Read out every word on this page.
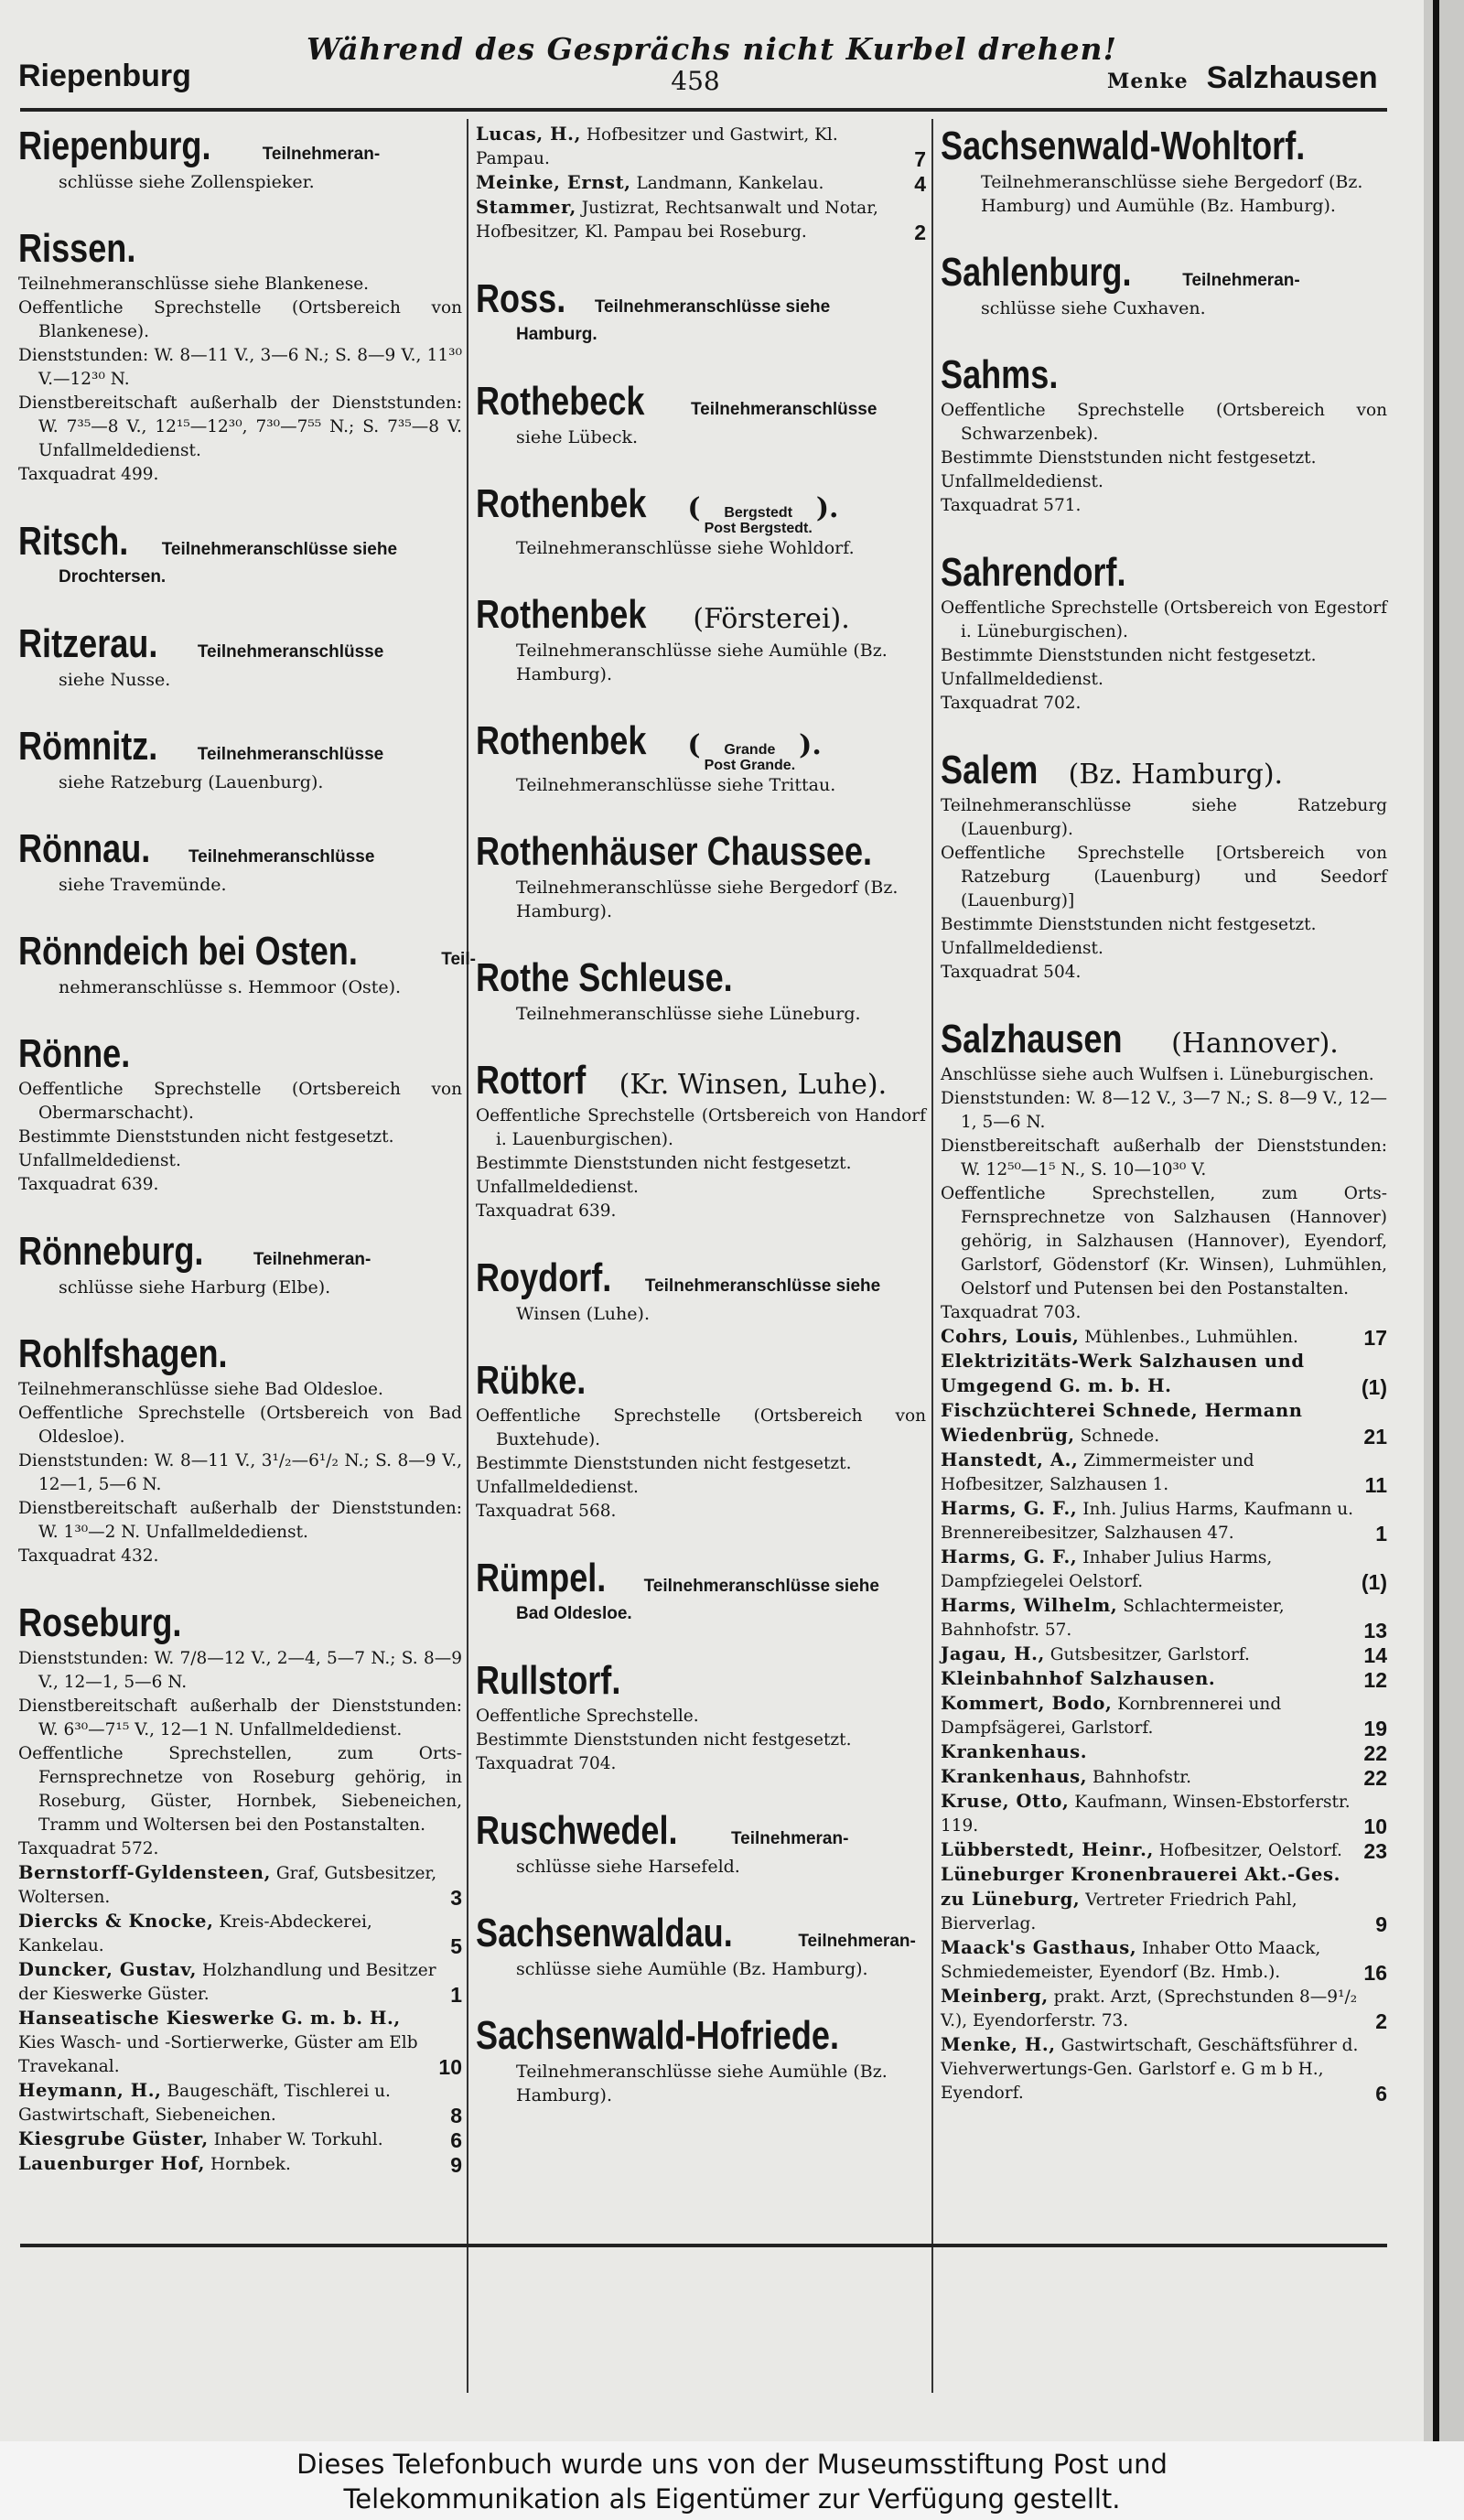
Während des Gesprächs nicht Kurbel drehen!
Riepenburg	458	Menke Salzhausen
Riepenburg.	Teilnehmeran-

schlüsse siehe Zollenspieker.

Rissen.

Teilnehmeranschlüsse siehe Blankenese.

Oeffentliche Sprechstelle (Ortsbereich von Blankenese).

Dienststunden: W. 8—11 V., 3—6 N.; S. 8—9 V., 11³⁰ V.—12³⁰ N.

Dienstbereitschaft außerhalb der Dienststunden: W. 7³⁵—8 V., 12¹⁵—12³⁰, 7³⁰—7⁵⁵ N.; S. 7³⁵—8 V. Unfallmeldedienst.

Taxquadrat 499.

Ritsch. Teilnehmeranschlüsse siehe

Drochtersen.

Ritzerau. Teilnehmeranschlüsse

siehe Nusse.

Römnitz. Teilnehmeranschlüsse

siehe Ratzeburg (Lauenburg).

Rönnau. Teilnehmeranschlüsse

siehe Travemünde.

Rönndeich bei Osten.	Teil-

nehmeranschlüsse s. Hemmoor (Oste).

Rönne.

Oeffentliche Sprechstelle (Ortsbereich von Obermarschacht).

Bestimmte Dienststunden nicht festgesetzt.

Unfallmeldedienst.

Taxquadrat 639.

Rönneburg.	Teilnehmeran-

schlüsse siehe Harburg (Elbe).

Rohlfshagen.

Teilnehmeranschlüsse siehe Bad Oldesloe.

Oeffentliche Sprechstelle (Ortsbereich von Bad Oldesloe).

Dienststunden: W. 8—11 V., 3¹/₂—6¹/₂ N.; S. 8—9 V., 12—1, 5—6 N.

Dienstbereitschaft außerhalb der Dienststunden: W. 1³⁰—2 N. Unfallmeldedienst.

Taxquadrat 432.

Roseburg.

Dienststunden: W. 7/8—12 V., 2—4, 5—7 N.; S. 8—9 V., 12—1, 5—6 N.

Dienstbereitschaft außerhalb der Dienststunden: W. 6³⁰—7¹⁵ V., 12—1 N. Unfallmeldedienst.

Oeffentliche Sprechstellen, zum Orts-Fernsprechnetze von Roseburg gehörig, in Roseburg, Güster, Hornbek, Siebeneichen, Tramm und Woltersen bei den Postanstalten.

Taxquadrat 572.

Bernstorff-Gyldensteen, Graf, Gutsbesitzer, Woltersen.	3
Diercks & Knocke, Kreis-Abdeckerei, Kankelau.	5
Duncker, Gustav, Holzhandlung und Besitzer der Kieswerke Güster.	1
Hanseatische Kieswerke G. m. b. H., Kies Wasch- und -Sortierwerke, Güster am Elb Travekanal.	10
Heymann, H., Baugeschäft, Tischlerei u. Gastwirtschaft, Siebeneichen.	8
Kiesgrube Güster, Inhaber W. Torkuhl.	6
Lauenburger Hof, Hornbek.	9
Lucas, H., Hofbesitzer und Gastwirt, Kl. Pampau.	7
Meinke, Ernst, Landmann, Kankelau.	4
Stammer, Justizrat, Rechtsanwalt und Notar, Hofbesitzer, Kl. Pampau bei Roseburg.	2
Ross. Teilnehmeranschlüsse siehe

Hamburg.

Rothebeck	Teilnehmeranschlüsse

siehe Lübeck.

Rothenbek (	Bergstedt
Post Bergstedt.
).

Teilnehmeranschlüsse siehe Wohldorf.

Rothenbek (Försterei).

Teilnehmeranschlüsse siehe Aumühle (Bz. Hamburg).

Rothenbek (	Grande
Post Grande.
).

Teilnehmeranschlüsse siehe Trittau.

Rothenhäuser Chaussee.

Teilnehmeranschlüsse siehe Bergedorf (Bz. Hamburg).

Rothe Schleuse.

Teilnehmeranschlüsse siehe Lüneburg.

Rottorf (Kr. Winsen, Luhe).

Oeffentliche Sprechstelle (Ortsbereich von Handorf i. Lauenburgischen).

Bestimmte Dienststunden nicht festgesetzt.

Unfallmeldedienst.

Taxquadrat 639.

Roydorf. Teilnehmeranschlüsse siehe

Winsen (Luhe).

Rübke.

Oeffentliche Sprechstelle (Ortsbereich von Buxtehude).

Bestimmte Dienststunden nicht festgesetzt.

Unfallmeldedienst.

Taxquadrat 568.

Rümpel. Teilnehmeranschlüsse siehe

Bad Oldesloe.

Rullstorf.

Oeffentliche Sprechstelle.

Bestimmte Dienststunden nicht festgesetzt.

Taxquadrat 704.

Ruschwedel.	Teilnehmeran-

schlüsse siehe Harsefeld.

Sachsenwaldau.	Teilnehmeran-

schlüsse siehe Aumühle (Bz. Hamburg).

Sachsenwald-Hofriede.

Teilnehmeranschlüsse siehe Aumühle (Bz. Hamburg).

Sachsenwald-Wohltorf.

Teilnehmeranschlüsse siehe Bergedorf (Bz. Hamburg) und Aumühle (Bz. Hamburg).

Sahlenburg.	Teilnehmeran-

schlüsse siehe Cuxhaven.

Sahms.

Oeffentliche Sprechstelle (Ortsbereich von Schwarzenbek).

Bestimmte Dienststunden nicht festgesetzt.

Unfallmeldedienst.

Taxquadrat 571.

Sahrendorf.

Oeffentliche Sprechstelle (Ortsbereich von Egestorf i. Lüneburgischen).

Bestimmte Dienststunden nicht festgesetzt.

Unfallmeldedienst.

Taxquadrat 702.

Salem (Bz. Hamburg).

Teilnehmeranschlüsse siehe Ratzeburg (Lauenburg).

Oeffentliche Sprechstelle [Ortsbereich von Ratzeburg (Lauenburg) und Seedorf (Lauenburg)]

Bestimmte Dienststunden nicht festgesetzt.

Unfallmeldedienst.

Taxquadrat 504.

Salzhausen (Hannover).

Anschlüsse siehe auch Wulfsen i. Lüneburgischen.

Dienststunden: W. 8—12 V., 3—7 N.; S. 8—9 V., 12—1, 5—6 N.

Dienstbereitschaft außerhalb der Dienststunden: W. 12⁵⁰—1⁵ N., S. 10—10³⁰ V.

Oeffentliche Sprechstellen, zum Orts-Fernsprechnetze von Salzhausen (Hannover) gehörig, in Salzhausen (Hannover), Eyendorf, Garlstorf, Gödenstorf (Kr. Winsen), Luhmühlen, Oelstorf und Putensen bei den Postanstalten.

Taxquadrat 703.

Cohrs, Louis, Mühlenbes., Luhmühlen.	17
Elektrizitäts-Werk Salzhausen und Umgegend G. m. b. H.	(1)
Fischzüchterei Schnede, Hermann Wiedenbrüg, Schnede.	21
Hanstedt, A., Zimmermeister und Hofbesitzer, Salzhausen 1.	11
Harms, G. F., Inh. Julius Harms, Kaufmann u. Brennereibesitzer, Salzhausen 47.	1
Harms, G. F., Inhaber Julius Harms, Dampfziegelei Oelstorf.	(1)
Harms, Wilhelm, Schlachtermeister, Bahnhofstr. 57.	13
Jagau, H., Gutsbesitzer, Garlstorf.	14
Kleinbahnhof Salzhausen.	12
Kommert, Bodo, Kornbrennerei und Dampfsägerei, Garlstorf.	19
Krankenhaus.	22
Krankenhaus, Bahnhofstr.	22
Kruse, Otto, Kaufmann, Winsen-Ebstorferstr. 119.	10
Lübberstedt, Heinr., Hofbesitzer, Oelstorf.	23
Lüneburger Kronenbrauerei Akt.-Ges. zu Lüneburg, Vertreter Friedrich Pahl, Bierverlag.	9
Maack's Gasthaus, Inhaber Otto Maack, Schmiedemeister, Eyendorf (Bz. Hmb.).	16
Meinberg, prakt. Arzt, (Sprechstunden 8—9¹/₂ V.), Eyendorferstr. 73.	2
Menke, H., Gastwirtschaft, Geschäftsführer d. Viehverwertungs-Gen. Garlstorf e. G m b H., Eyendorf.	6
Dieses Telefonbuch wurde uns von der Museumsstiftung Post und
Telekommunikation als Eigentümer zur Verfügung gestellt.
